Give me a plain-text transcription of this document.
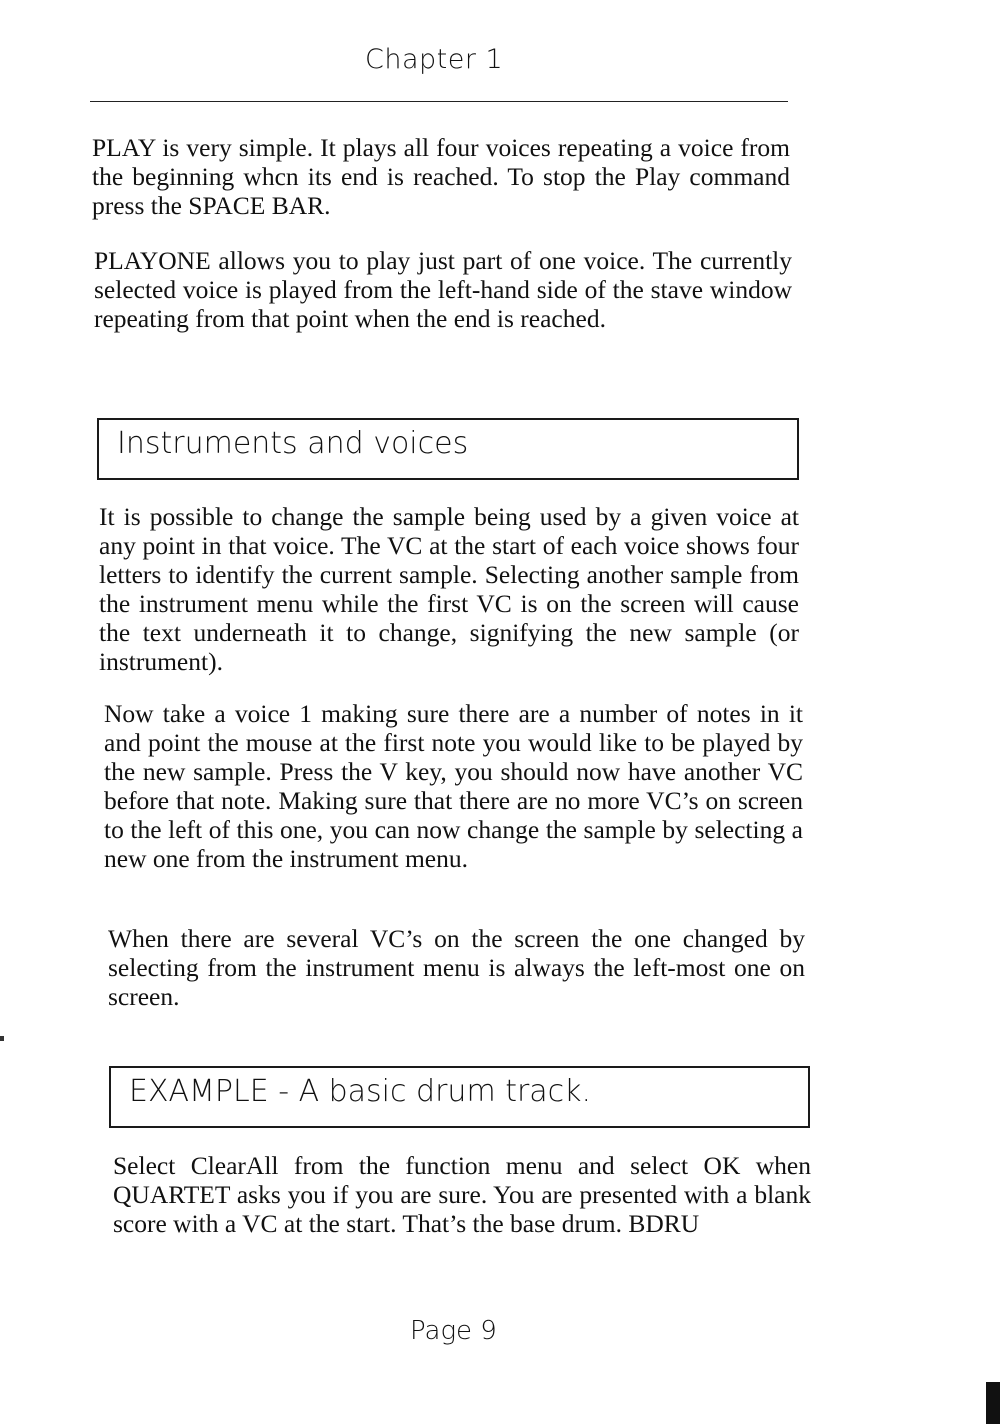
Chapter 1

PLAY is very simple. It plays all four voices repeating a voice from the beginning whcn its end is reached. To stop the Play command press the SPACE BAR.

PLAYONE allows you to play just part of one voice. The currently selected voice is played from the left-hand side of the stave window repeating from that point when the end is reached.

Instruments and voices

It is possible to change the sample being used by a given voice at any point in that voice. The VC at the start of each voice shows four letters to identify the current sample. Selecting another sample from the instrument menu while the first VC is on the screen will cause the text underneath it to change, signifying the new sample (or instrument).

Now take a voice 1 making sure there are a number of notes in it and point the mouse at the first note you would like to be played by the new sample. Press the V key, you should now have another VC before that note. Making sure that there are no more VC’s on screen to the left of this one, you can now change the sample by selecting a new one from the instrument menu.

When there are several VC’s on the screen the one changed by selecting from the instrument menu is always the left-most one on screen.

EXAMPLE - A basic drum track.

Select ClearAll from the function menu and select OK when QUARTET asks you if you are sure. You are presented with a blank score with a VC at the start. That’s the base drum. BDRU

Page 9
